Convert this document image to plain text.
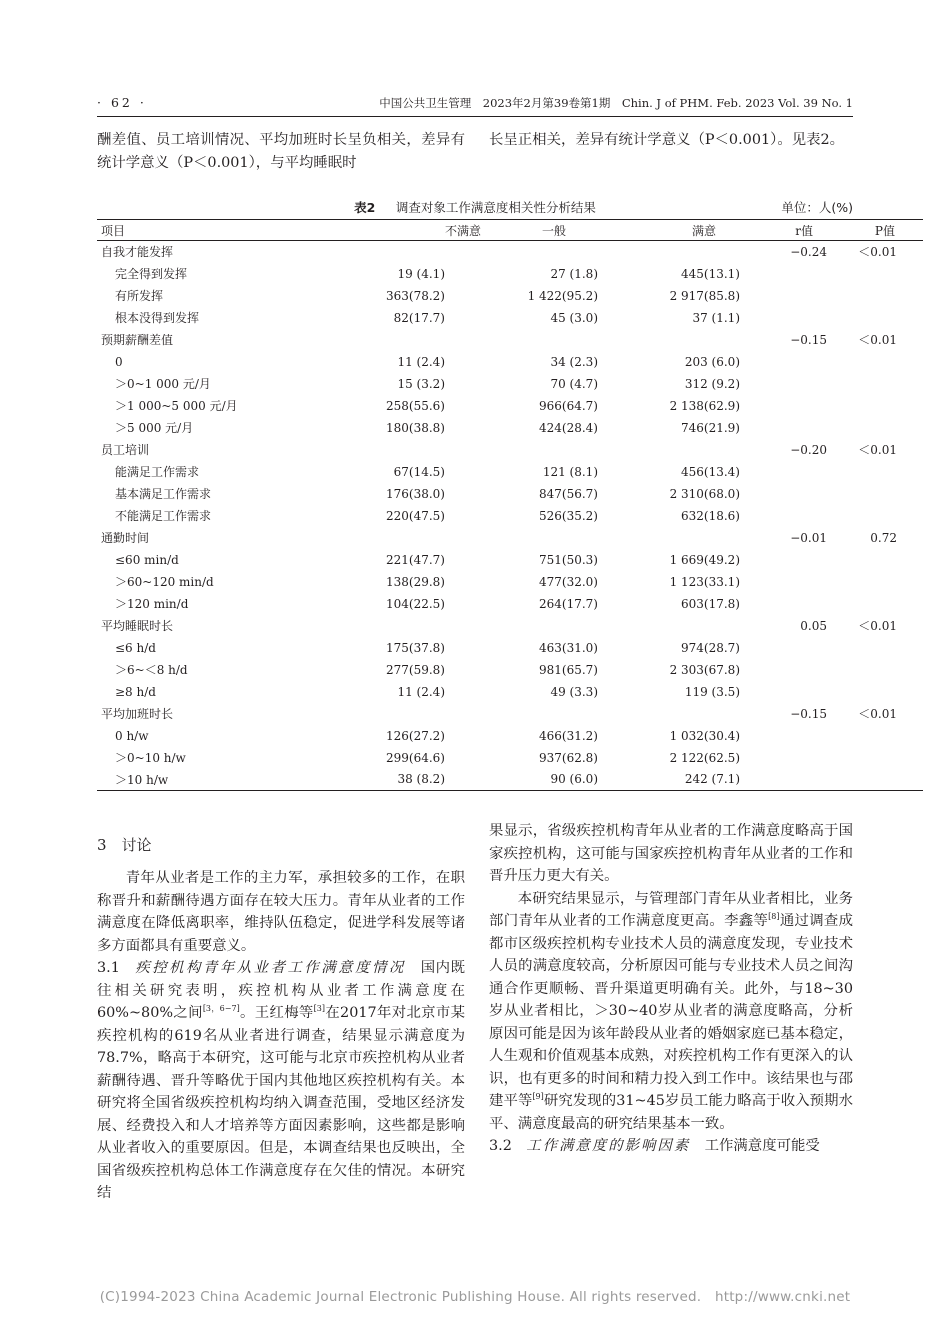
· 62 ·	中国公共卫生管理　2023年2月第39卷第1期　Chin. J of PHM. Feb. 2023 Vol. 39 No. 1

酬差值、员工培训情况、平均加班时长呈负相关，差异有统计学意义（P＜0.001），与平均睡眠时

长呈正相关，差异有统计学意义（P＜0.001）。见表2。

表2 　 调查对象工作满意度相关性分析结果	单位：人(%)
项目	不满意	一般	满意	r值	P值
自我才能发挥				−0.24	＜0.01
完全得到发挥	19 (4.1)	27 (1.8)	445(13.1)		
有所发挥	363(78.2)	1 422(95.2)	2 917(85.8)		
根本没得到发挥	82(17.7)	45 (3.0)	37 (1.1)		
预期薪酬差值				−0.15	＜0.01
0	11 (2.4)	34 (2.3)	203 (6.0)		
＞0~1 000 元/月	15 (3.2)	70 (4.7)	312 (9.2)		
＞1 000~5 000 元/月	258(55.6)	966(64.7)	2 138(62.9)		
＞5 000 元/月	180(38.8)	424(28.4)	746(21.9)		
员工培训				−0.20	＜0.01
能满足工作需求	67(14.5)	121 (8.1)	456(13.4)		
基本满足工作需求	176(38.0)	847(56.7)	2 310(68.0)		
不能满足工作需求	220(47.5)	526(35.2)	632(18.6)		
通勤时间				−0.01	0.72
≤60 min/d	221(47.7)	751(50.3)	1 669(49.2)		
＞60~120 min/d	138(29.8)	477(32.0)	1 123(33.1)		
＞120 min/d	104(22.5)	264(17.7)	603(17.8)		
平均睡眠时长				0.05	＜0.01
≤6 h/d	175(37.8)	463(31.0)	974(28.7)		
＞6~＜8 h/d	277(59.8)	981(65.7)	2 303(67.8)		
≥8 h/d	11 (2.4)	49 (3.3)	119 (3.5)		
平均加班时长				−0.15	＜0.01
0 h/w	126(27.2)	466(31.2)	1 032(30.4)		
＞0~10 h/w	299(64.6)	937(62.8)	2 122(62.5)		
＞10 h/w	38 (8.2)	90 (6.0)	242 (7.1)		

3　讨论

青年从业者是工作的主力军，承担较多的工作，在职称晋升和薪酬待遇方面存在较大压力。青年从业者的工作满意度在降低离职率，维持队伍稳定，促进学科发展等诸多方面都具有重要意义。

3.1　 疾控机构青年从业者工作满意度情况　 国内既往相关研究表明，疾控机构从业者工作满意度在60%~80%之间[3，6−7]。王红梅等[3]在2017年对北京市某疾控机构的619名从业者进行调查，结果显示满意度为78.7%，略高于本研究，这可能与北京市疾控机构从业者薪酬待遇、晋升等略优于国内其他地区疾控机构有关。本研究将全国省级疾控机构均纳入调查范围，受地区经济发展、经费投入和人才培养等方面因素影响，这些都是影响从业者收入的重要原因。但是，本调查结果也反映出，全国省级疾控机构总体工作满意度存在欠佳的情况。本研究结

果显示，省级疾控机构青年从业者的工作满意度略高于国家疾控机构，这可能与国家疾控机构青年从业者的工作和晋升压力更大有关。

本研究结果显示，与管理部门青年从业者相比，业务部门青年从业者的工作满意度更高。李鑫等[8]通过调查成都市区级疾控机构专业技术人员的满意度发现，专业技术人员的满意度较高，分析原因可能与专业技术人员之间沟通合作更顺畅、晋升渠道更明确有关。此外，与18~30岁从业者相比，＞30~40岁从业者的满意度略高，分析原因可能是因为该年龄段从业者的婚姻家庭已基本稳定，人生观和价值观基本成熟，对疾控机构工作有更深入的认识，也有更多的时间和精力投入到工作中。该结果也与邵建平等[9]研究发现的31~45岁员工能力略高于收入预期水平、满意度最高的研究结果基本一致。

3.2　 工作满意度的影响因素　 工作满意度可能受

(C)1994-2023 China Academic Journal Electronic Publishing House. All rights reserved.　http://www.cnki.net
